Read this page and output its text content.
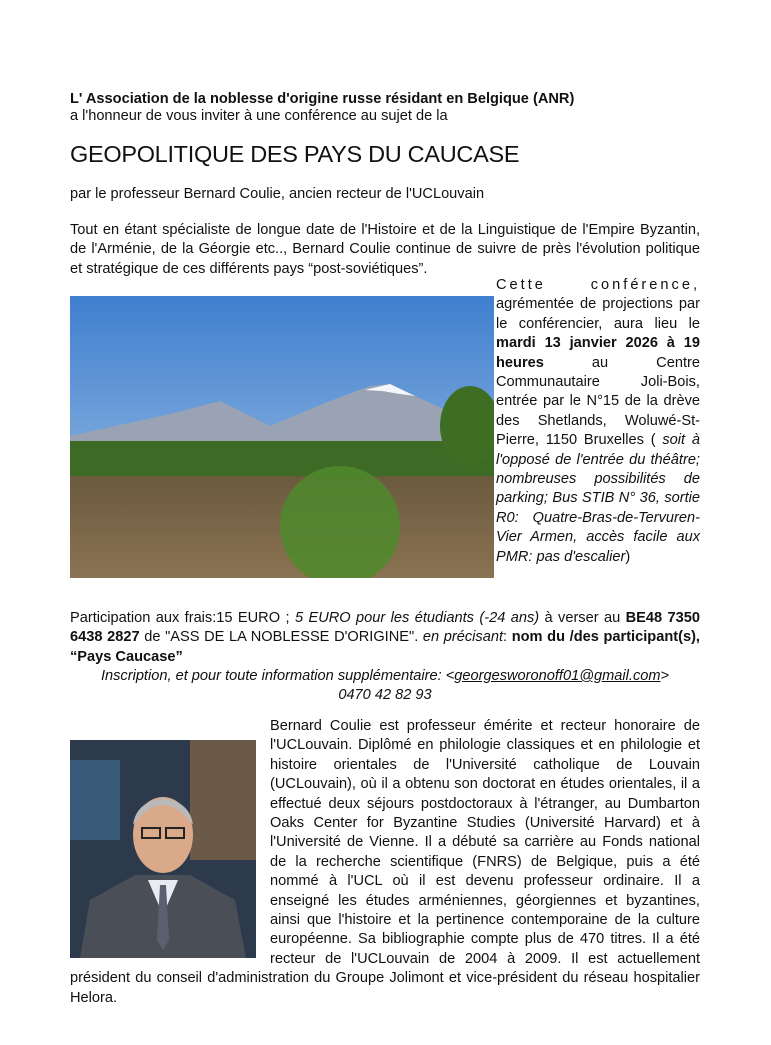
L' Association de la noblesse d'origine russe résidant en Belgique (ANR)
a l'honneur de vous inviter à une conférence au sujet de la
GEOPOLITIQUE DES PAYS DU CAUCASE
par le professeur Bernard Coulie, ancien recteur de l'UCLouvain
Tout en étant spécialiste de longue date de l'Histoire et de la Linguistique de l'Empire Byzantin, de l'Arménie, de la Géorgie etc.., Bernard Coulie continue de suivre de près l'évolution politique et stratégique de ces différents pays “post-soviétiques”.
Cette conférence, agrémentée de projections par le conférencier, aura lieu le mardi 13 janvier 2026 à 19 heures au Centre Communautaire Joli-Bois, entrée par le N°15 de la drève des Shetlands, Woluwé-St-Pierre, 1150 Bruxelles ( soit à l'opposé de l'entrée du théâtre; nombreuses possibilités de parking; Bus STIB N° 36, sortie R0: Quatre-Bras-de-Tervuren-Vier Armen, accès facile aux PMR: pas d'escalier)
Participation aux frais:15 EURO ; 5 EURO pour les étudiants (-24 ans) à verser au BE48 7350 6438 2827 de "ASS DE LA NOBLESSE D'ORIGINE". en précisant: nom du /des participant(s), “Pays Caucase”
Inscription, et pour toute information supplémentaire: <georgesworonoff01@gmail.com>
0470 42 82 93
Bernard Coulie est professeur émérite et recteur honoraire de l'UCLouvain. Diplômé en philologie classiques et en philologie et histoire orientales de l'Université catholique de Louvain (UCLouvain), où il a obtenu son doctorat en études orientales, il a effectué deux séjours postdoctoraux à l'étranger, au Dumbarton Oaks Center for Byzantine Studies (Université Harvard) et à l'Université de Vienne. Il a débuté sa carrière au Fonds national de la recherche scientifique (FNRS) de Belgique, puis a été nommé à l'UCL où il est devenu professeur ordinaire. Il a enseigné les études arméniennes, géorgiennes et byzantines, ainsi que l'histoire et la pertinence contemporaine de la culture européenne. Sa bibliographie compte plus de 470 titres. Il a été recteur de l'UCLouvain de 2004 à 2009. Il est actuellement président du conseil d'administration du Groupe Jolimont et vice-président du réseau hospitalier Helora.
